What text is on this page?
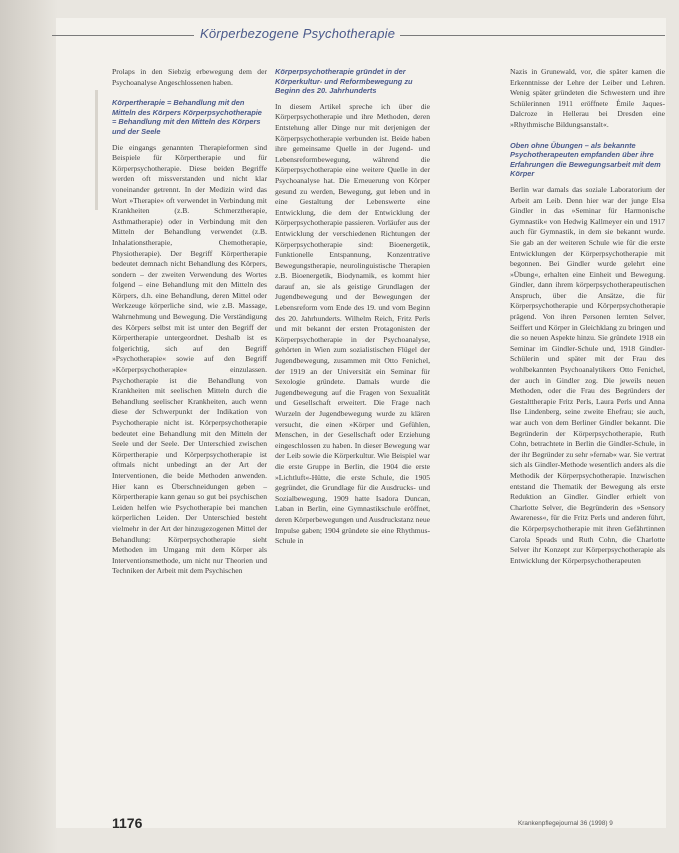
Körperbezogene Psychotherapie

Prolaps in den Siebzig erbewegung dem der Psychoanalyse Angeschlossenen haben.

Körpertherapie = Behandlung mit den Mitteln des Körpers Körperpsychotherapie = Behandlung mit den Mitteln des Körpers und der Seele

Die eingangs genannten Therapieformen sind Beispiele für Körpertherapie und für Körperpsychotherapie. Diese beiden Begriffe werden oft missverstanden und nicht klar voneinander getrennt. In der Medizin wird das Wort »Therapie« oft verwendet in Verbindung mit Krankheiten (z.B. Schmerztherapie, Asthmatherapie) oder in Verbindung mit den Mitteln der Behandlung verwendet (z.B. Inhalationstherapie, Chemotherapie, Physiotherapie). Der Begriff Körpertherapie bedeutet demnach nicht Behandlung des Körpers, sondern – der zweiten Verwendung des Wortes folgend – eine Behandlung mit den Mitteln des Körpers, d.h. eine Behandlung, deren Mittel oder Werkzeuge körperliche sind, wie z.B. Massage, Wahrnehmung und Bewegung. Die Verständigung des Körpers selbst mit ist unter den Begriff der Körpertherapie untergeordnet. Deshalb ist es folgerichtig, sich auf den Begriff »Psychotherapie« sowie auf den Begriff »Körperpsychotherapie« einzulassen. Psychotherapie ist die Behandlung von Krankheiten mit seelischen Mitteln durch die Behandlung seelischer Krankheiten, auch wenn diese der Schwerpunkt der Indikation von Psychotherapie nicht ist. Körperpsychotherapie bedeutet eine Behandlung mit den Mitteln der Seele und der Seele. Der Unterschied zwischen Körpertherapie und Körperpsychotherapie ist oftmals nicht unbedingt an der Art der Interventionen, die beide Methoden anwenden. Hier kann es Überschneidungen geben – Körpertherapie kann genau so gut bei psychischen Leiden helfen wie Psychotherapie bei manchen körperlichen Leiden. Der Unterschied besteht vielmehr in der Art der hinzugezogenen Mittel der Behandlung: Körperpsychotherapie sieht Methoden im Umgang mit dem Körper als Interventionsmethode, um nicht nur Theorien und Techniken der Arbeit mit dem Psychischen

Körperpsychotherapie gründet in der Körperkultur- und Reformbewegung zu Beginn des 20. Jahrhunderts

In diesem Artikel spreche ich über die Körperpsychotherapie und ihre Methoden, deren Entstehung aller Dinge nur mit derjenigen der Körperpsychotherapie verbunden ist. Beide haben ihre gemeinsame Quelle in der Jugend- und Lebensreformbewegung, während die Körperpsychotherapie eine weitere Quelle in der Psychoanalyse hat. Die Erneuerung von Körper gesund zu werden, Bewegung, gut leben und in eine Gestaltung der Lebenswerte eine Entwicklung, die dem der Entwicklung der Körperpsychotherapie passieren. Vorläufer aus der Entwicklung der verschiedenen Richtungen der Körperpsychotherapie sind: Bioenergetik, Funktionelle Entspannung, Konzentrative Bewegungstherapie, neurolinguistische Therapien z.B. Bioenergetik, Biodynamik, es kommt hier darauf an, sie als geistige Grundlagen der Jugendbewegung und der Bewegungen der Lebensreform vom Ende des 19. und vom Beginn des 20. Jahrhunderts. Wilhelm Reich, Fritz Perls und mit bekannt der ersten Protagonisten der Körperpsychotherapie in der Psychoanalyse, gehörten in Wien zum sozialistischen Flügel der Jugendbewegung, zusammen mit Otto Fenichel, der 1919 an der Universität ein Seminar für Sexologie gründete. Damals wurde die Jugendbewegung auf die Fragen von Sexualität und Gesellschaft erweitert. Die Frage nach Wurzeln der Jugendbewegung wurde zu klären versucht, die einen »Körper und Gefühlen, Menschen, in der Gesellschaft oder Erziehung eingeschlossen zu haben. In dieser Bewegung war der Leib sowie die Körperkultur. Wie Beispiel war die erste Gruppe in Berlin, die 1904 die erste »Lichtluft«-Hütte, die erste Schule, die 1905 gegründet, die Grundlage für die Ausdrucks- und Sozialbewegung, 1909 hatte Isadora Duncan, Laban in Berlin, eine Gymnastikschule eröffnet, deren Körperbewegungen und Ausdruckstanz neue Impulse gaben; 1904 gründete sie eine Rhythmus-Schule in

Nazis in Grunewald, vor, die später kamen die Erkenntnisse der Lehre der Leiber und Lehren. Wenig später gründeten die Schwestern und ihre Schülerinnen 1911 eröffnete Émile Jaques-Dalcroze in Hellerau bei Dresden eine »Rhythmische Bildungsanstalt«.

Oben ohne Übungen – als bekannte Psychotherapeuten empfanden über ihre Erfahrungen die Bewegungsarbeit mit dem Körper

Berlin war damals das soziale Laboratorium der Arbeit am Leib. Denn hier war der junge Elsa Gindler in das »Seminar für Harmonische Gymnastik« von Hedwig Kallmeyer ein und 1917 auch für Gymnastik, in dem sie bekannt wurde. Sie gab an der weiteren Schule wie für die erste Entwicklungen der Körperpsychotherapie mit begonnen. Bei Gindler wurde gelehrt eine »Übung«, erhalten eine Einheit und Bewegung. Gindler, dann ihrem körperpsychotherapeutischen Anspruch, über die Ansätze, die für Körperpsychotherapie und Körperpsychotherapie prägend. Von ihren Personen lernten Selver, Seiffert und Körper in Gleichklang zu bringen und die so neuen Aspekte hinzu. Sie gründete 1918 ein Seminar im Gindler-Schule und, 1918 Gindler-Schülerin und später mit der Frau des wohlbekannten Psychoanalytikers Otto Fenichel, der auch in Gindler zog. Die jeweils neuen Methoden, oder die Frau des Begründers der Gestalttherapie Fritz Perls, Laura Perls und Anna Ilse Lindenberg, seine zweite Ehefrau; sie auch, war auch von dem Berliner Gindler bekannt. Die Begründerin der Körperpsychotherapie, Ruth Cohn, betrachtete in Berlin die Gindler-Schule, in der ihr Begründer zu sehr »fernab« war. Sie vertrat sich als Gindler-Methode wesentlich anders als die Methodik der Körperpsychotherapie. Inzwischen entstand die Thematik der Bewegung als erste Reduktion an Gindler. Gindler erhielt von Charlotte Selver, die Begründerin des »Sensory Awareness«, für die Fritz Perls und anderen führt, die Körperpsychotherapie mit ihren Gefährtinnen Carola Speads und Ruth Cohn, die Charlotte Selver ihr Konzept zur Körperpsychotherapie als Entwicklung der Körperpsychotherapeuten

1176	Krankenpflegejournal 36 (1998) 9
